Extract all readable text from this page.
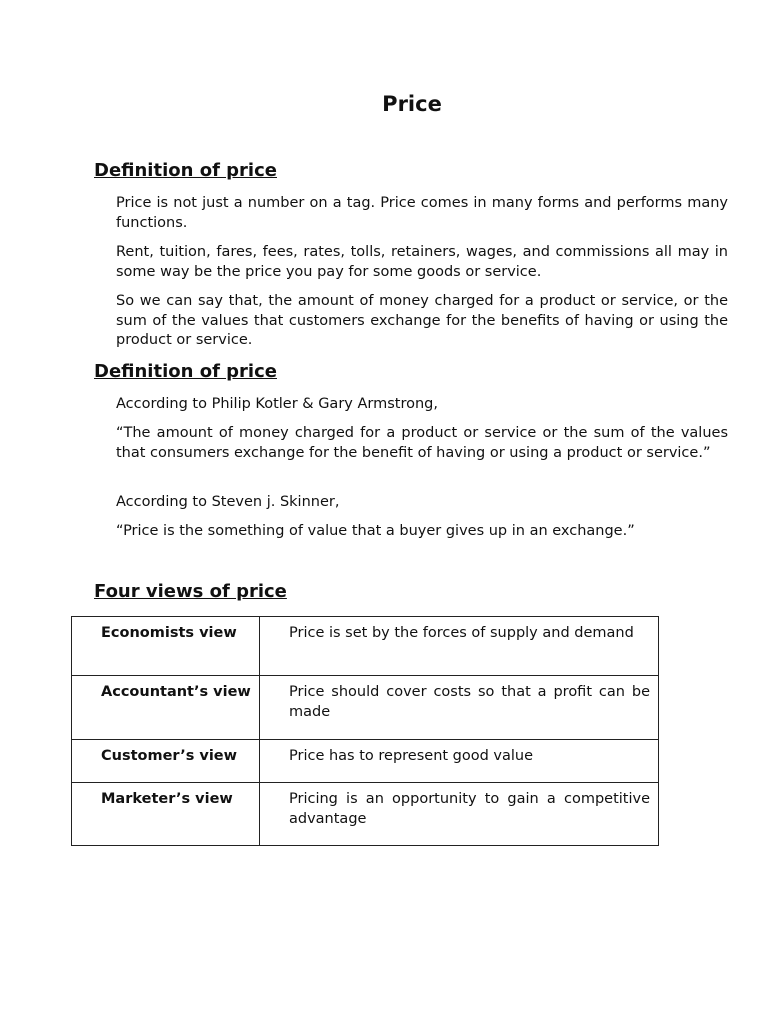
Price
Definition of price

Price is not just a number on a tag. Price comes in many forms and performs many functions.

Rent, tuition, fares, fees, rates, tolls, retainers, wages, and commissions all may in some way be the price you pay for some goods or service.

So we can say that, the amount of money charged for a product or service, or the sum of the values that customers exchange for the benefits of having or using the product or service.

Definition of price

According to Philip Kotler & Gary Armstrong,

“The amount of money charged for a product or service or the sum of the values that consumers exchange for the benefit of having or using a product or service.”

According to Steven j. Skinner,

“Price is the something of value that a buyer gives up in an exchange.”

Four views of price
Economists view	Price is set by the forces of supply and demand
Accountant’s view	Price should cover costs so that a profit can be made
Customer’s view	Price has to represent good value
Marketer’s view	Pricing is an opportunity to gain a competitive advantage
